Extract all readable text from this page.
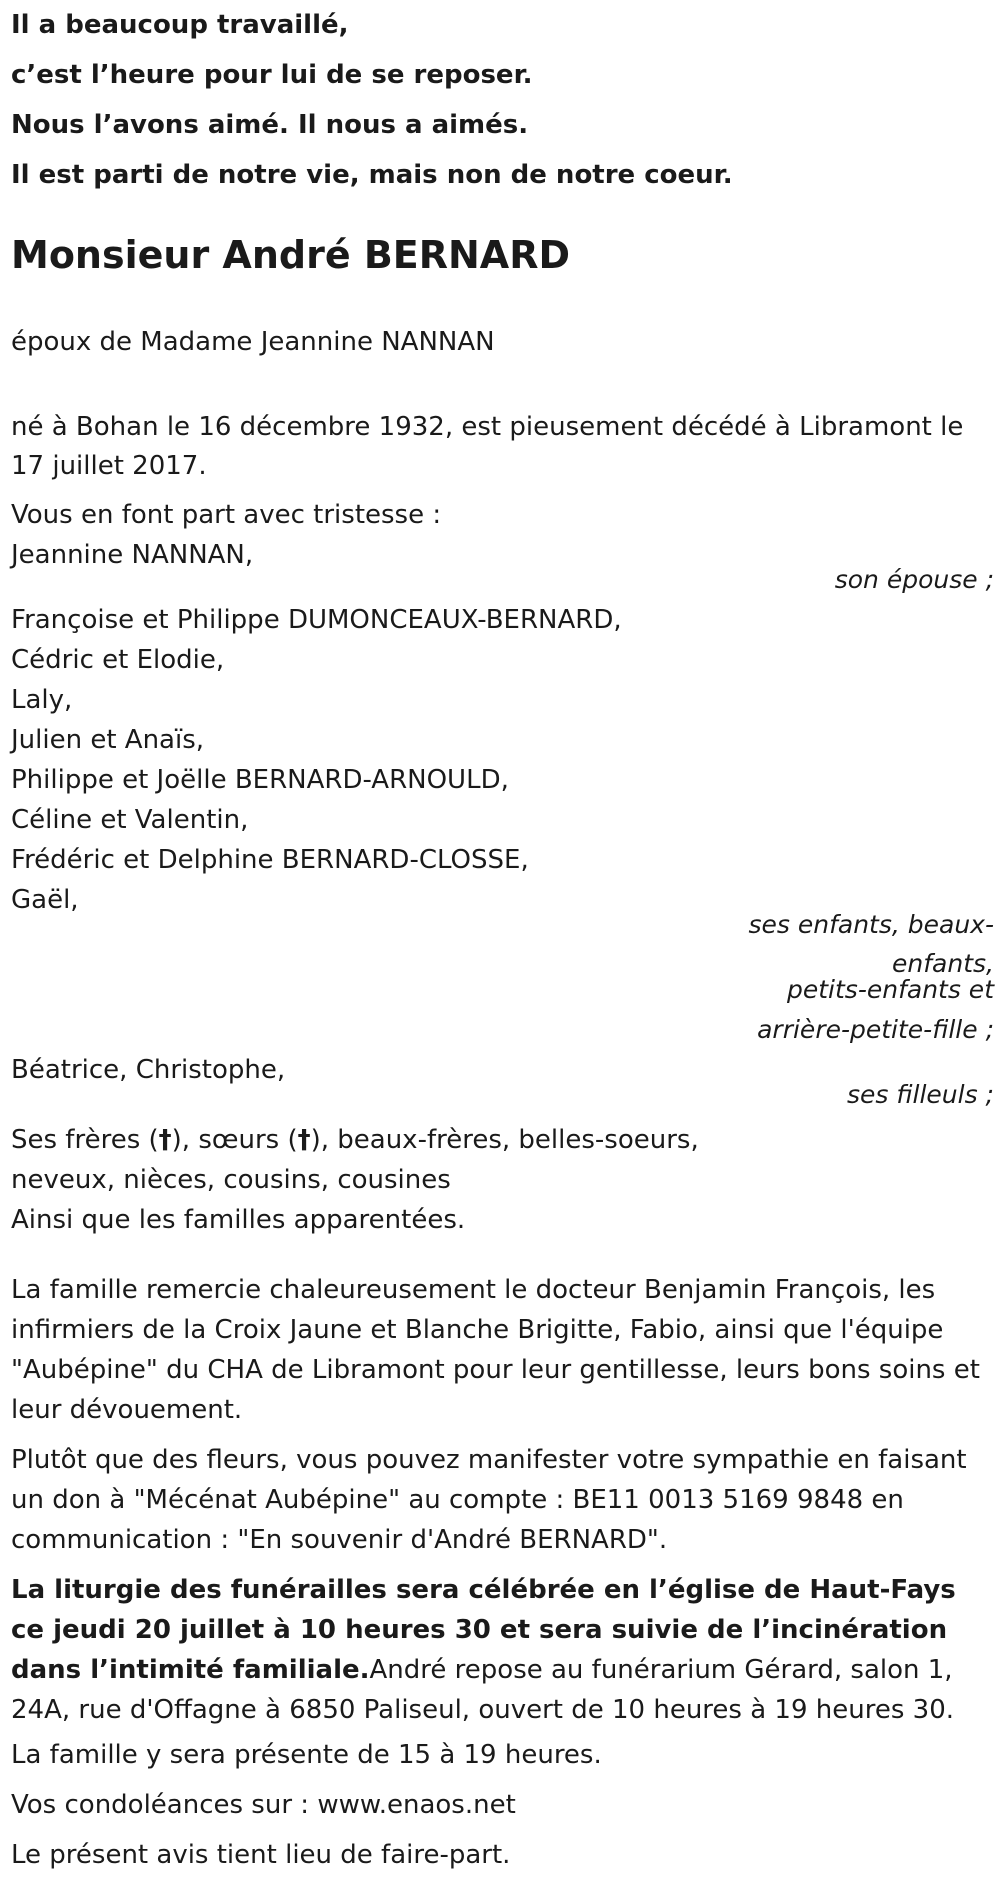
Il a beaucoup travaillé,
c’est l’heure pour lui de se reposer.
Nous l’avons aimé. Il nous a aimés.
Il est parti de notre vie, mais non de notre coeur.
Monsieur André BERNARD
époux de Madame Jeannine NANNAN
né à Bohan le 16 décembre 1932, est pieusement décédé à Libramont le
17 juillet 2017.
Vous en font part avec tristesse :
Jeannine NANNAN,
son épouse ;
Françoise et Philippe DUMONCEAUX-BERNARD,
Cédric et Elodie,
Laly,
Julien et Anaïs,
Philippe et Joëlle BERNARD-ARNOULD,
Céline et Valentin,
Frédéric et Delphine BERNARD-CLOSSE,
Gaël,
ses enfants, beaux-
enfants,
petits-enfants et
arrière-petite-fille ;
Béatrice, Christophe,
ses filleuls ;
Ses frères (†), sœurs (†), beaux-frères, belles-soeurs,
neveux, nièces, cousins, cousines
Ainsi que les familles apparentées.
La famille remercie chaleureusement le docteur Benjamin François, les infirmiers de la Croix Jaune et Blanche Brigitte, Fabio, ainsi que l'équipe "Aubépine" du CHA de Libramont pour leur gentillesse, leurs bons soins et leur dévouement.
Plutôt que des fleurs, vous pouvez manifester votre sympathie en faisant un don à "Mécénat Aubépine" au compte : BE11 0013 5169 9848 en communication : "En souvenir d'André BERNARD".
La liturgie des funérailles sera célébrée en l’église de Haut-Fays ce jeudi 20 juillet à 10 heures 30 et sera suivie de l’incinération dans l’intimité familiale.André repose au funérarium Gérard, salon 1, 24A, rue d'Offagne à 6850 Paliseul, ouvert de 10 heures à 19 heures 30.
La famille y sera présente de 15 à 19 heures.
Vos condoléances sur : www.enaos.net
Le présent avis tient lieu de faire-part.
